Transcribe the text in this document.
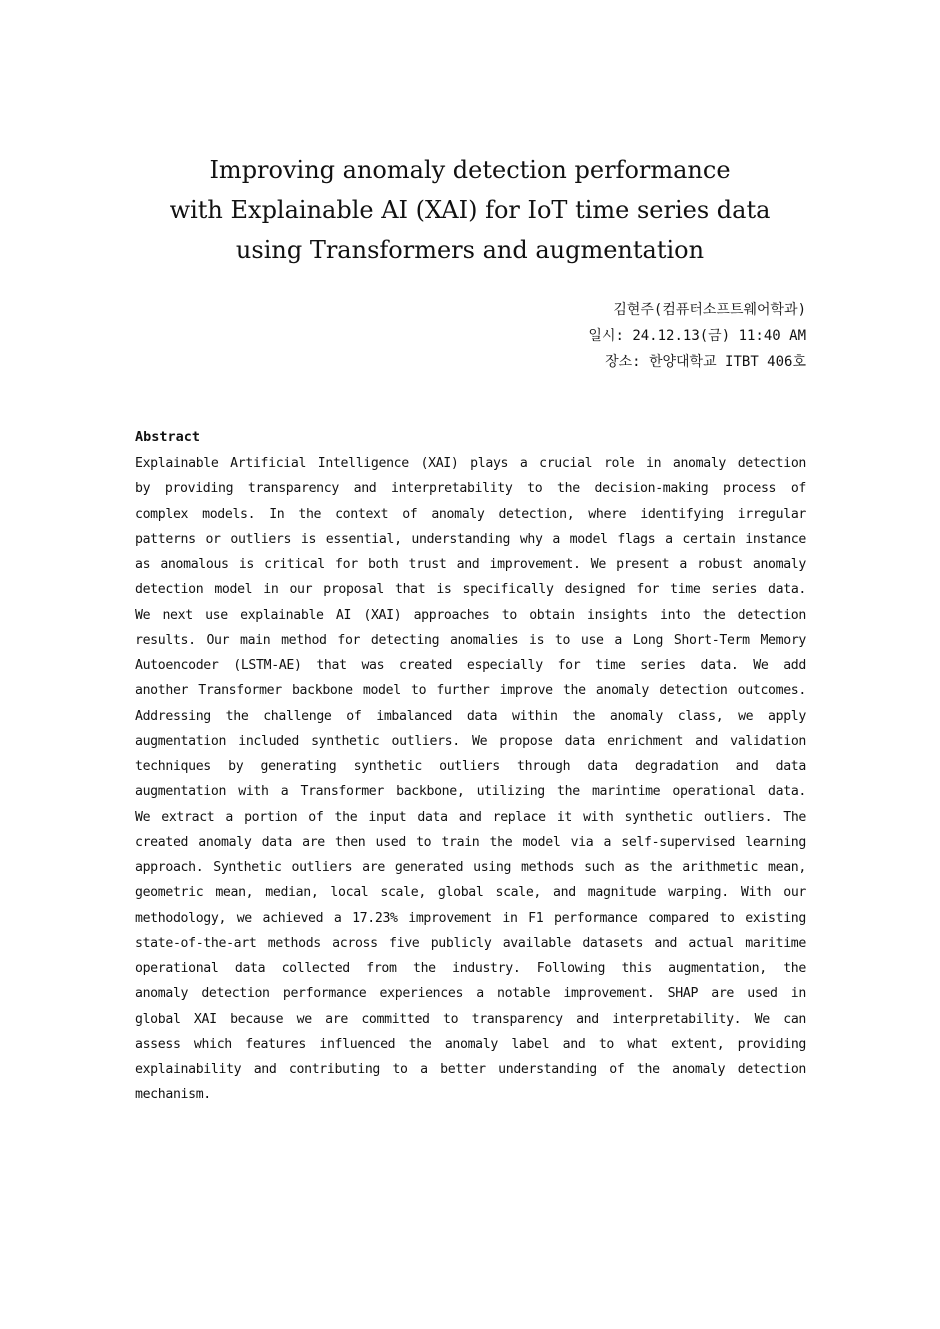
Improving anomaly detection performance
with Explainable AI (XAI) for IoT time series data
using Transformers and augmentation
김현주(컴퓨터소프트웨어학과)
일시: 24.12.13(금) 11:40 AM
장소: 한양대학교 ITBT 406호
Abstract
Explainable Artificial Intelligence (XAI) plays a crucial role in anomaly detection
by providing transparency and interpretability to the decision-making process of
complex models. In the context of anomaly detection, where identifying irregular
patterns or outliers is essential, understanding why a model flags a certain instance
as anomalous is critical for both trust and improvement. We present a robust anomaly
detection model in our proposal that is specifically designed for time series data.
We next use explainable AI (XAI) approaches to obtain insights into the detection
results. Our main method for detecting anomalies is to use a Long Short-Term Memory
Autoencoder (LSTM-AE) that was created especially for time series data. We add
another Transformer backbone model to further improve the anomaly detection outcomes.
Addressing the challenge of imbalanced data within the anomaly class, we apply
augmentation included synthetic outliers. We propose data enrichment and validation
techniques by generating synthetic outliers through data degradation and data
augmentation with a Transformer backbone, utilizing the marintime operational data.
We extract a portion of the input data and replace it with synthetic outliers. The
created anomaly data are then used to train the model via a self-supervised learning
approach. Synthetic outliers are generated using methods such as the arithmetic mean,
geometric mean, median, local scale, global scale, and magnitude warping. With our
methodology, we achieved a 17.23% improvement in F1 performance compared to existing
state-of-the-art methods across five publicly available datasets and actual maritime
operational data collected from the industry. Following this augmentation, the
anomaly detection performance experiences a notable improvement. SHAP are used in
global XAI because we are committed to transparency and interpretability. We can
assess which features influenced the anomaly label and to what extent, providing
explainability and contributing to a better understanding of the anomaly detection
mechanism.
